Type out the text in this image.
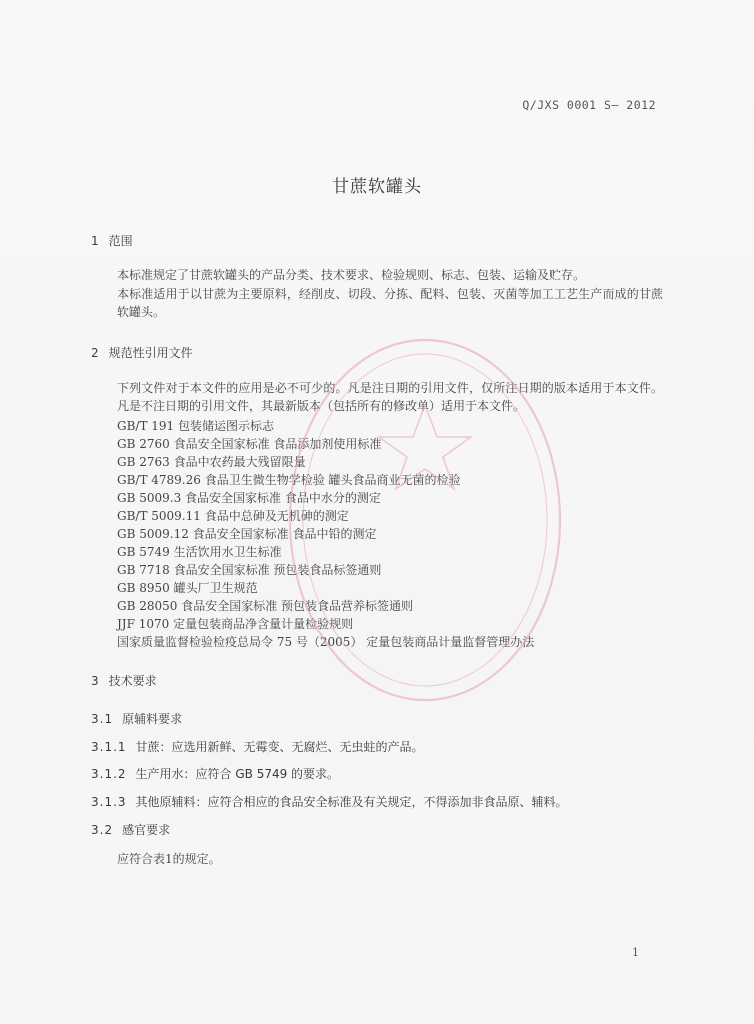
Q/JXS 0001 S— 2012
甘蔗软罐头
1 范围
本标准规定了甘蔗软罐头的产品分类、技术要求、检验规则、标志、包装、运输及贮存。
本标准适用于以甘蔗为主要原料，经削皮、切段、分拣、配料、包装、灭菌等加工工艺生产而成的甘蔗软罐头。
2 规范性引用文件
下列文件对于本文件的应用是必不可少的。凡是注日期的引用文件，仅所注日期的版本适用于本文件。凡是不注日期的引用文件，其最新版本（包括所有的修改单）适用于本文件。
GB/T 191 包装储运图示标志
GB 2760 食品安全国家标准 食品添加剂使用标准
GB 2763 食品中农药最大残留限量
GB/T 4789.26 食品卫生微生物学检验 罐头食品商业无菌的检验
GB 5009.3 食品安全国家标准 食品中水分的测定
GB/T 5009.11 食品中总砷及无机砷的测定
GB 5009.12 食品安全国家标准 食品中铅的测定
GB 5749 生活饮用水卫生标准
GB 7718 食品安全国家标准 预包装食品标签通则
GB 8950 罐头厂卫生规范
GB 28050 食品安全国家标准 预包装食品营养标签通则
JJF 1070 定量包装商品净含量计量检验规则
国家质量监督检验检疫总局令 75 号（2005） 定量包装商品计量监督管理办法
3 技术要求
3.1 原辅料要求
3.1.1 甘蔗：应选用新鲜、无霉变、无腐烂、无虫蛀的产品。
3.1.2 生产用水：应符合 GB 5749 的要求。
3.1.3 其他原辅料：应符合相应的食品安全标准及有关规定，不得添加非食品原、辅料。
3.2 感官要求
应符合表1的规定。
1
